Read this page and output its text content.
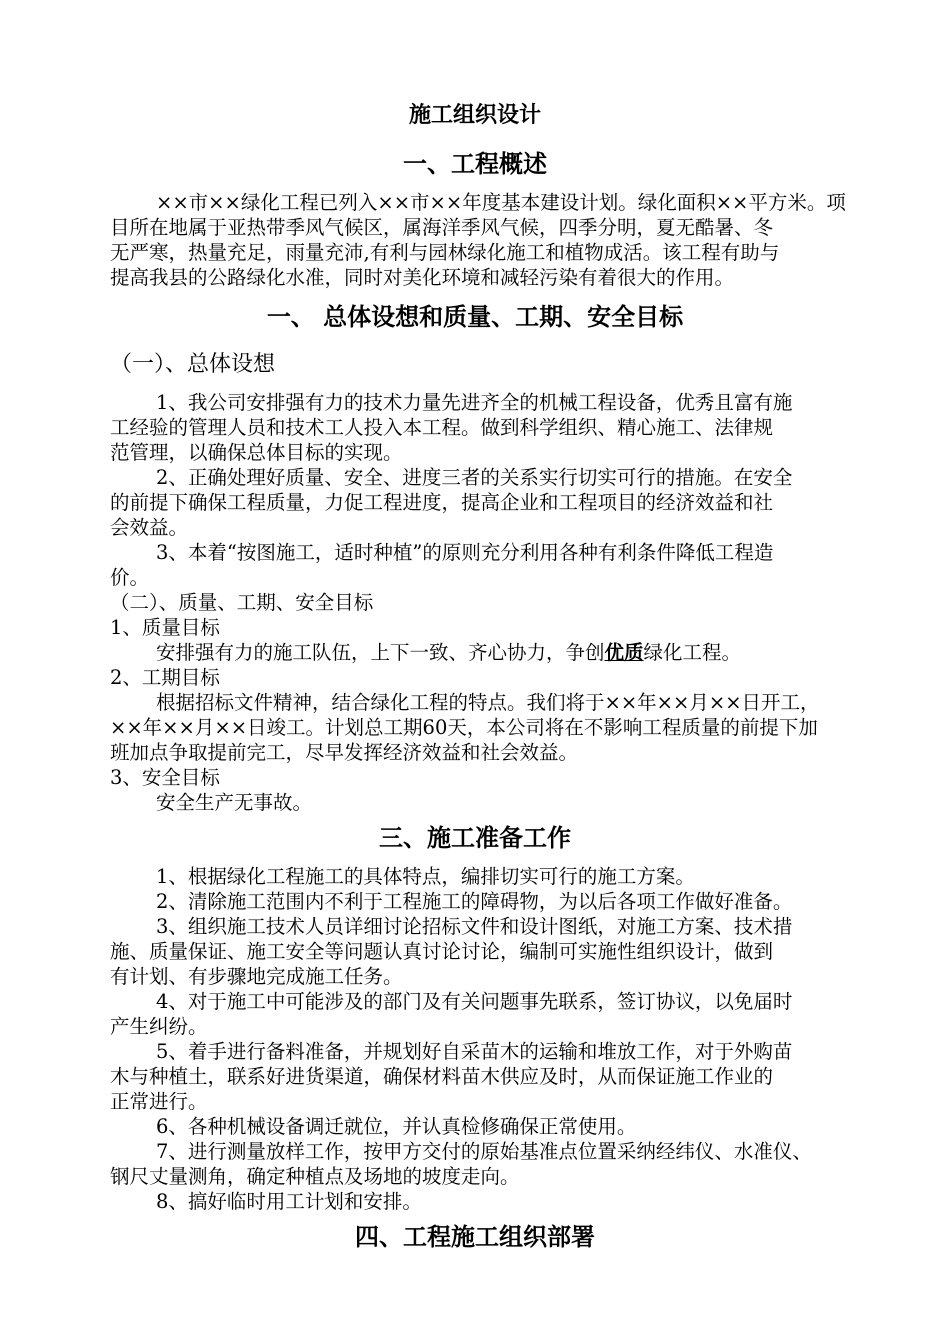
施工组织设计
一、工程概述
××市××绿化工程已列入××市××年度基本建设计划。绿化面积××平方米。项
目所在地属于亚热带季风气候区，属海洋季风气候，四季分明，夏无酷暑、冬
无严寒，热量充足，雨量充沛,有利与园林绿化施工和植物成活。该工程有助与
提高我县的公路绿化水准，同时对美化环境和减轻污染有着很大的作用。
一、 总体设想和质量、工期、安全目标
（一）、总体设想
1、我公司安排强有力的技术力量先进齐全的机械工程设备，优秀且富有施
工经验的管理人员和技术工人投入本工程。做到科学组织、精心施工、法律规
范管理，以确保总体目标的实现。
2、正确处理好质量、安全、进度三者的关系实行切实可行的措施。在安全
的前提下确保工程质量，力促工程进度，提高企业和工程项目的经济效益和社
会效益。
3、本着“按图施工，适时种植”的原则充分利用各种有利条件降低工程造
价。
（二）、质量、工期、安全目标
1、质量目标
安排强有力的施工队伍，上下一致、齐心协力，争创优质绿化工程。
2、工期目标
根据招标文件精神，结合绿化工程的特点。我们将于××年××月××日开工，
××年××月××日竣工。计划总工期60天，本公司将在不影响工程质量的前提下加
班加点争取提前完工，尽早发挥经济效益和社会效益。
3、安全目标
安全生产无事故。
三、施工准备工作
1、根据绿化工程施工的具体特点，编排切实可行的施工方案。
2、清除施工范围内不利于工程施工的障碍物，为以后各项工作做好准备。
3、组织施工技术人员详细讨论招标文件和设计图纸，对施工方案、技术措
施、质量保证、施工安全等问题认真讨论讨论，编制可实施性组织设计，做到
有计划、有步骤地完成施工任务。
4、对于施工中可能涉及的部门及有关问题事先联系，签订协议，以免届时
产生纠纷。
5、着手进行备料准备，并规划好自采苗木的运输和堆放工作，对于外购苗
木与种植土，联系好进货渠道，确保材料苗木供应及时，从而保证施工作业的
正常进行。
6、各种机械设备调迁就位，并认真检修确保正常使用。
7、进行测量放样工作，按甲方交付的原始基准点位置采纳经纬仪、水准仪、
钢尺丈量测角，确定种植点及场地的坡度走向。
8、搞好临时用工计划和安排。
四、工程施工组织部署
